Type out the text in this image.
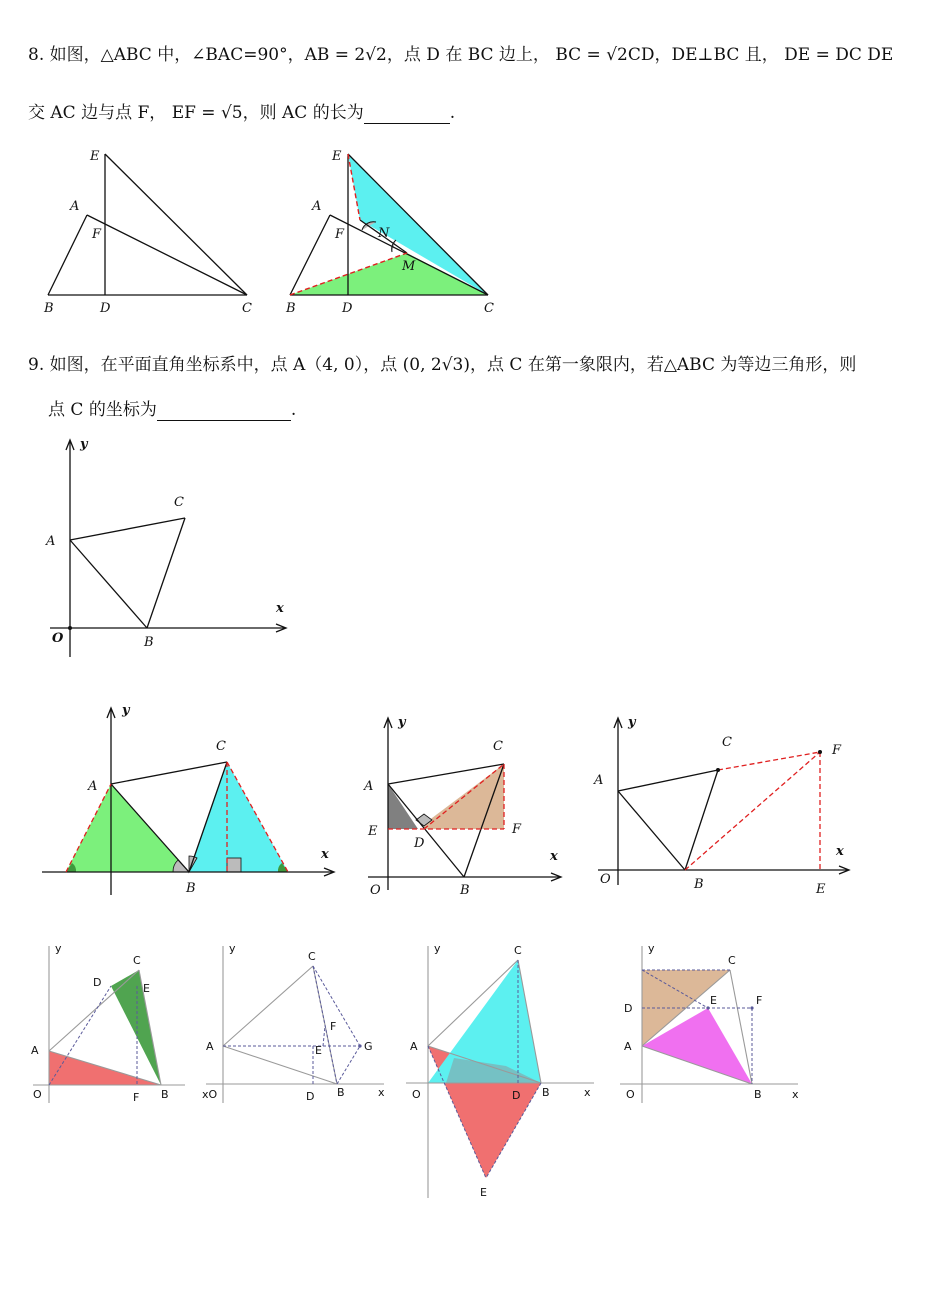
8. 如图，△ABC 中，∠BAC=90°，AB = 2√2，点 D 在 BC 边上， BC = √2CD，DE⊥BC 且， DE = DC DE
交 AC 边与点 F， EF = √5，则 AC 的长为	.
E
A
F
B	D	C
E
A
F	N
M
B	D	C
9. 如图，在平面直角坐标系中，点 A（4, 0），点 (0, 2√3)，点 C 在第一象限内，若△ABC 为等边三角形，则
点 C 的坐标为	.
y
C
A
x
O	B
y
C
A
x
B
y
C
A
E
D
F
x
O	B
y
C
F
A
x
O	B	E
y
C
D	E
A
O	F B
y
C
F
A	E	G
xO	D B	x
y	C
A
O	D B	x
E
y
C
D
E	F
A
O	B	x
